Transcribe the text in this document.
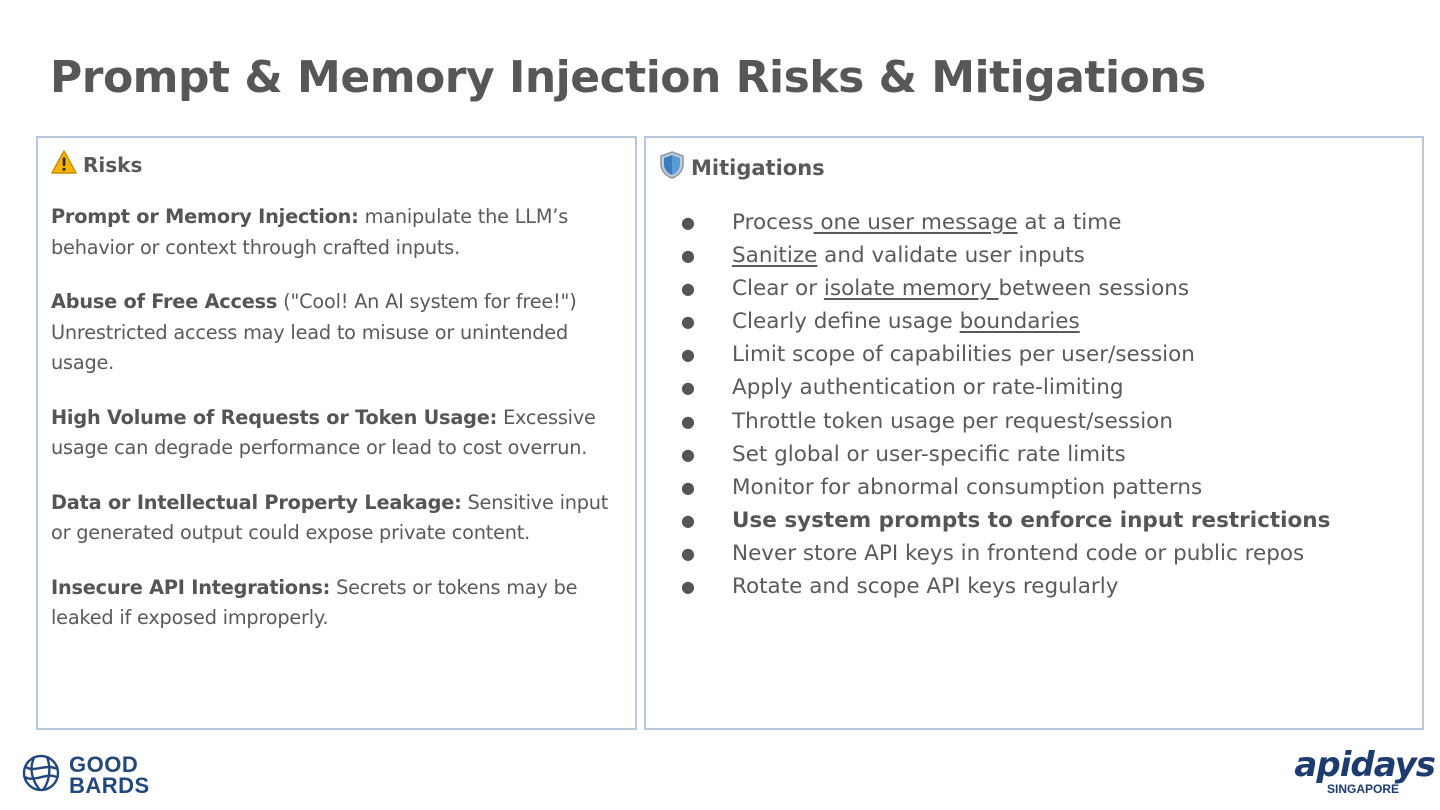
Prompt & Memory Injection Risks & Mitigations
Risks

Prompt or Memory Injection: manipulate the LLM’s behavior or context through crafted inputs.

Abuse of Free Access ("Cool! An AI system for free!") Unrestricted access may lead to misuse or unintended usage.

High Volume of Requests or Token Usage: Excessive usage can degrade performance or lead to cost overrun.

Data or Intellectual Property Leakage: Sensitive input or generated output could expose private content.

Insecure API Integrations: Secrets or tokens may be leaked if exposed improperly.

Mitigations
● Process one user message at a time
● Sanitize and validate user inputs
● Clear or isolate memory between sessions
● Clearly define usage boundaries
● Limit scope of capabilities per user/session
● Apply authentication or rate-limiting
● Throttle token usage per request/session
● Set global or user-specific rate limits
● Monitor for abnormal consumption patterns
● Use system prompts to enforce input restrictions
● Never store API keys in frontend code or public repos
● Rotate and scope API keys regularly
GOOD
BARDS
apidays
SINGAPORE
